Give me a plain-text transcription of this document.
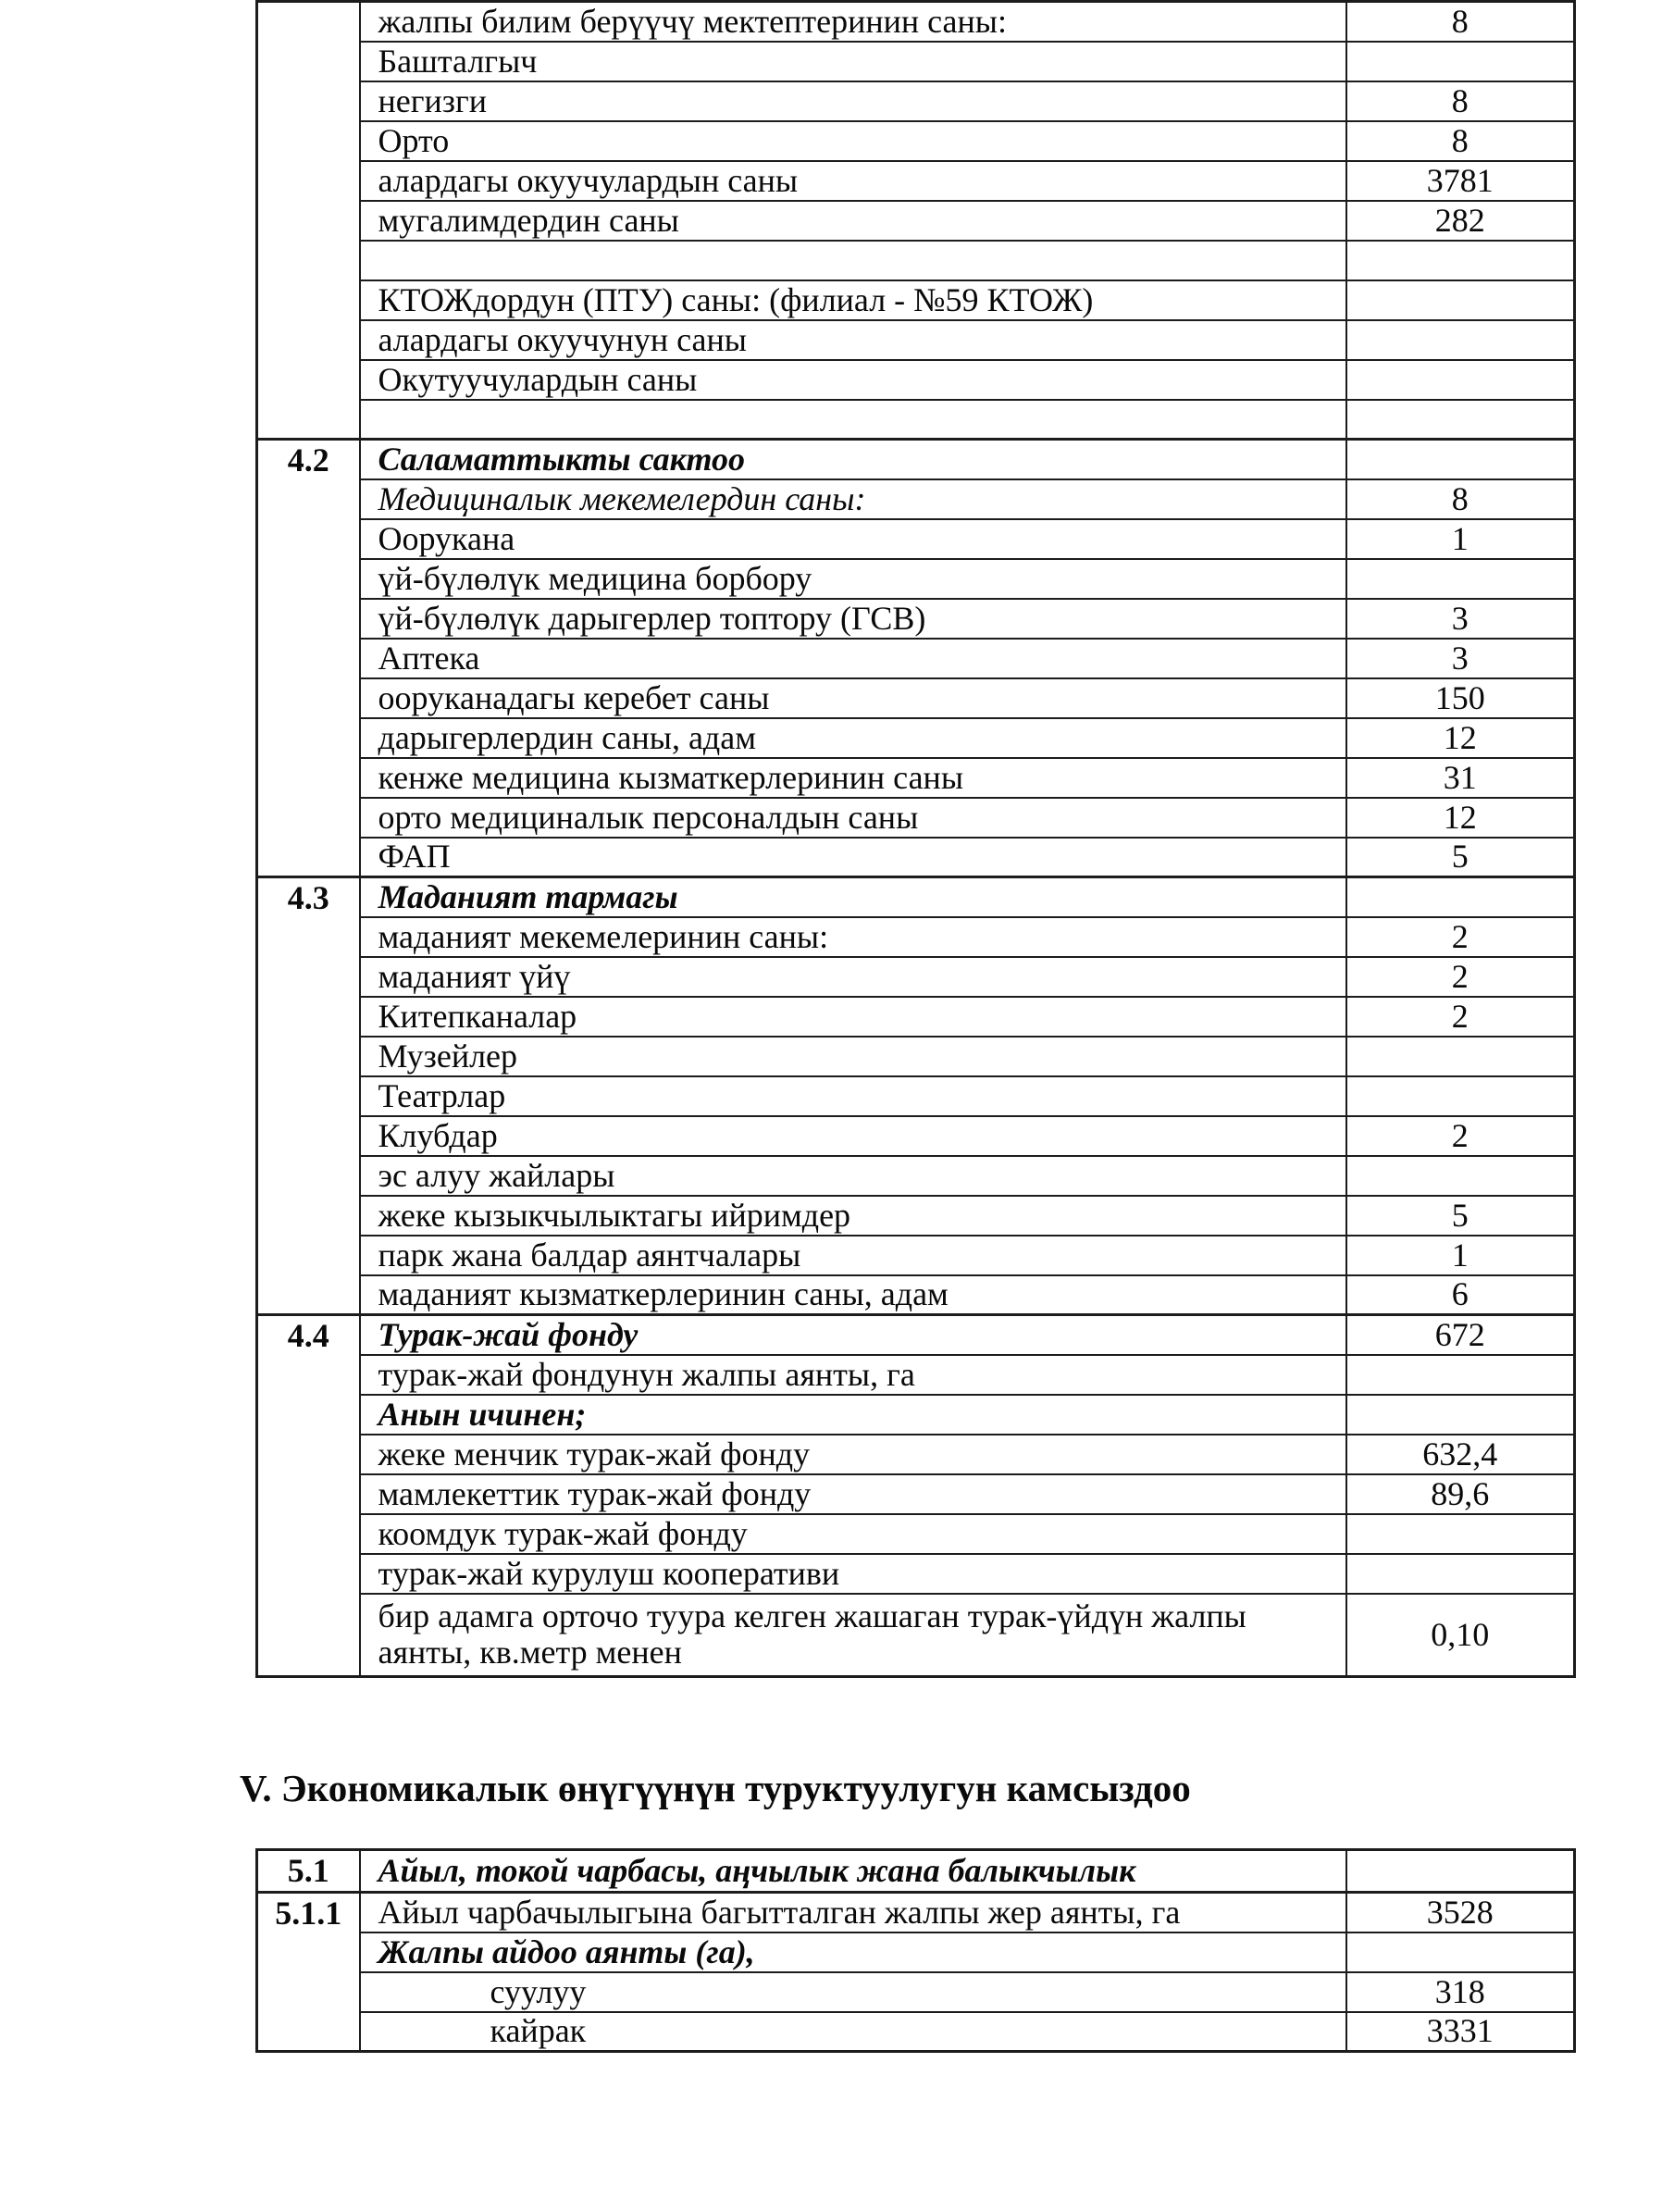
	жалпы билим берүүчү мектептеринин саны:	8
	Башталгыч	
	негизги	8
	Орто	8
	алардагы окуучулардын саны	3781
	мугалимдердин саны	282

	КТОЖдордун (ПТУ) саны: (филиал - №59 КТОЖ)	
	алардагы окуучунун саны	
	Окутуучулардын саны	

4.2	Саламаттыкты сактоо	
	Медициналык мекемелердин саны:	8
	Оорукана	1
	үй-бүлөлүк медицина борбору	
	үй-бүлөлүк дарыгерлер топтору (ГСВ)	3
	Аптека	3
	ооруканадагы керебет саны	150
	дарыгерлердин саны, адам	12
	кенже медицина кызматкерлеринин саны	31
	орто медициналык персоналдын саны	12
	ФАП	5
4.3	Маданият тармагы	
	маданият мекемелеринин саны:	2
	маданият үйү	2
	Китепканалар	2
	Музейлер	
	Театрлар	
	Клубдар	2
	эс алуу жайлары	
	жеке кызыкчылыктагы ийримдер	5
	парк жана балдар аянтчалары	1
	маданият кызматкерлеринин саны, адам	6
4.4	Турак-жай фонду	672
	турак-жай фондунун жалпы аянты, га	
	Анын ичинен;	
	жеке менчик турак-жай фонду	632,4
	мамлекеттик турак-жай фонду	89,6
	коомдук турак-жай фонду	
	турак-жай курулуш кооперативи	
	бир адамга орточо туура келген жашаган турак-үйдүн жалпы аянты, кв.метр менен	0,10
V. Экономикалык өнүгүүнүн туруктуулугун камсыздоо
5.1	Айыл, токой чарбасы, аңчылык жана балыкчылык	
5.1.1	Айыл чарбачылыгына багытталган жалпы жер аянты, га	3528
	Жалпы айдоо аянты (га),	
	суулуу	318
	кайрак	3331
